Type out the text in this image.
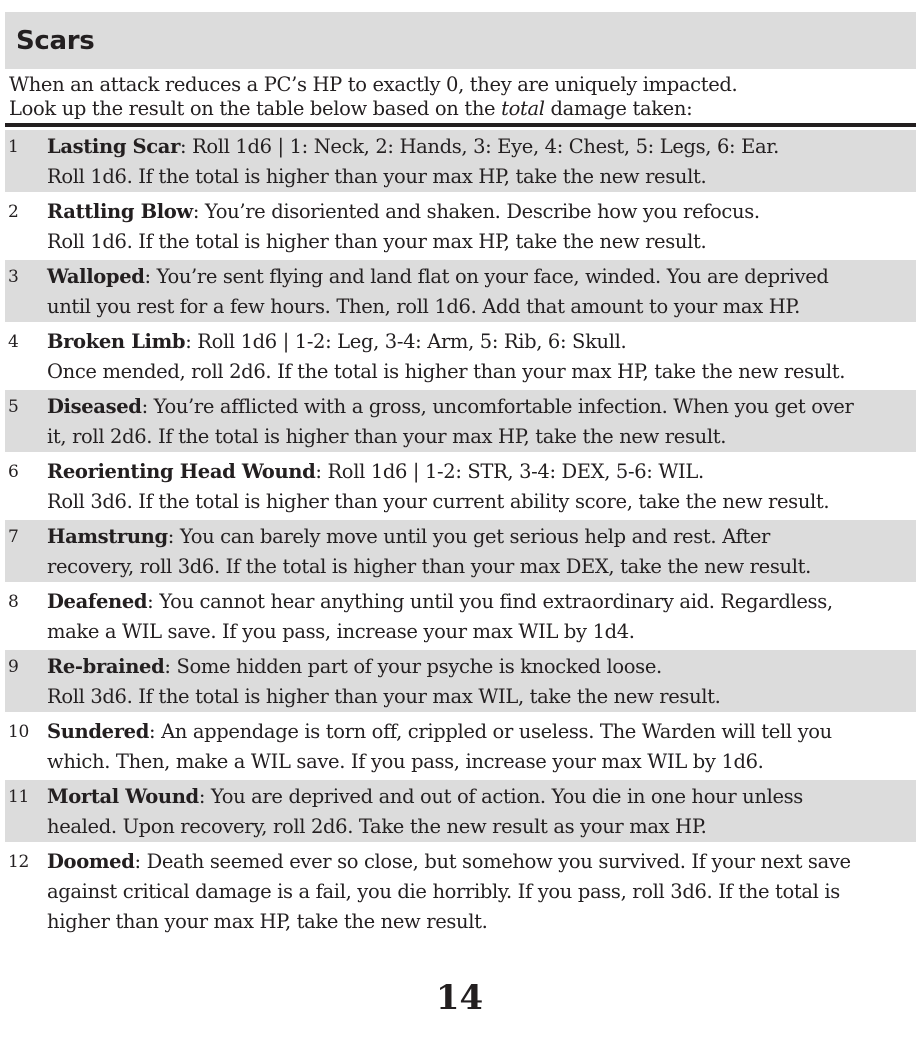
Scars
When an attack reduces a PC’s HP to exactly 0, they are uniquely impacted.
Look up the result on the table below based on the total damage taken:
1	Lasting Scar: Roll 1d6 | 1: Neck, 2: Hands, 3: Eye, 4: Chest, 5: Legs, 6: Ear.
Roll 1d6. If the total is higher than your max HP, take the new result.
2	Rattling Blow: You’re disoriented and shaken. Describe how you refocus.
Roll 1d6. If the total is higher than your max HP, take the new result.
3	Walloped: You’re sent flying and land flat on your face, winded. You are deprived
until you rest for a few hours. Then, roll 1d6. Add that amount to your max HP.
4	Broken Limb: Roll 1d6 | 1-2: Leg, 3-4: Arm, 5: Rib, 6: Skull.
Once mended, roll 2d6. If the total is higher than your max HP, take the new result.
5	Diseased: You’re afflicted with a gross, uncomfortable infection. When you get over
it, roll 2d6. If the total is higher than your max HP, take the new result.
6	Reorienting Head Wound: Roll 1d6 | 1-2: STR, 3-4: DEX, 5-6: WIL.
Roll 3d6. If the total is higher than your current ability score, take the new result.
7	Hamstrung: You can barely move until you get serious help and rest. After
recovery, roll 3d6. If the total is higher than your max DEX, take the new result.
8	Deafened: You cannot hear anything until you find extraordinary aid. Regardless,
make a WIL save. If you pass, increase your max WIL by 1d4.
9	Re-brained: Some hidden part of your psyche is knocked loose.
Roll 3d6. If the total is higher than your max WIL, take the new result.
10 Sundered: An appendage is torn off, crippled or useless. The Warden will tell you
which. Then, make a WIL save. If you pass, increase your max WIL by 1d6.
11 Mortal Wound: You are deprived and out of action. You die in one hour unless
healed. Upon recovery, roll 2d6. Take the new result as your max HP.
12 Doomed: Death seemed ever so close, but somehow you survived. If your next save
against critical damage is a fail, you die horribly. If you pass, roll 3d6. If the total is
higher than your max HP, take the new result.
14
